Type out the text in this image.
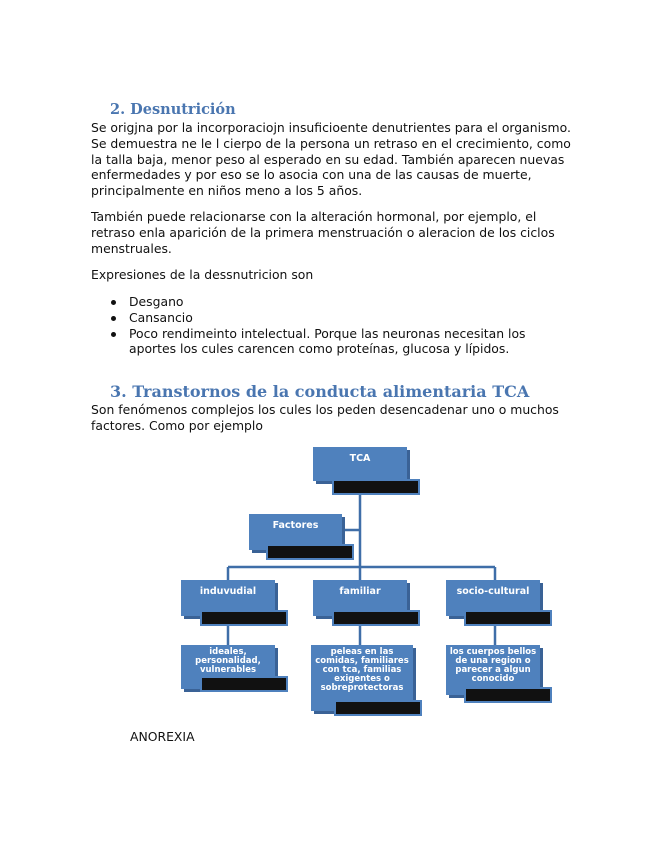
2. Desnutrición

Se origjna por la incorporaciojn insuficioente denutrientes para el organismo. Se demuestra ne le l cierpo de la persona un retraso en el crecimiento, como la talla baja, menor peso al esperado en su edad. También aparecen nuevas enfermedades y por eso se lo asocia con una de las causas de muerte, principalmente en niños meno a los 5 años.

También puede relacionarse con la alteración hormonal, por ejemplo, el retraso enla aparición de la primera menstruación o aleracion de los ciclos menstruales.

Expresiones de la dessnutricion son

Desgano
Cansancio
Poco rendimeinto intelectual. Porque las neuronas necesitan los aportes los cules carencen como proteínas, glucosa y lípidos.
3. Transtornos de la conducta alimentaria TCA

Son fenómenos complejos los cules los peden desencadenar uno o muchos factores. Como por ejemplo

TCA
Factores
induvudial	familiar	socio-cultural
ideales, personalidad, vulnerables
peleas en las comidas, familiares con tca, familias exigentes o sobreprotectoras
los cuerpos bellos de una region o parecer a algun conocido
ANOREXIA
